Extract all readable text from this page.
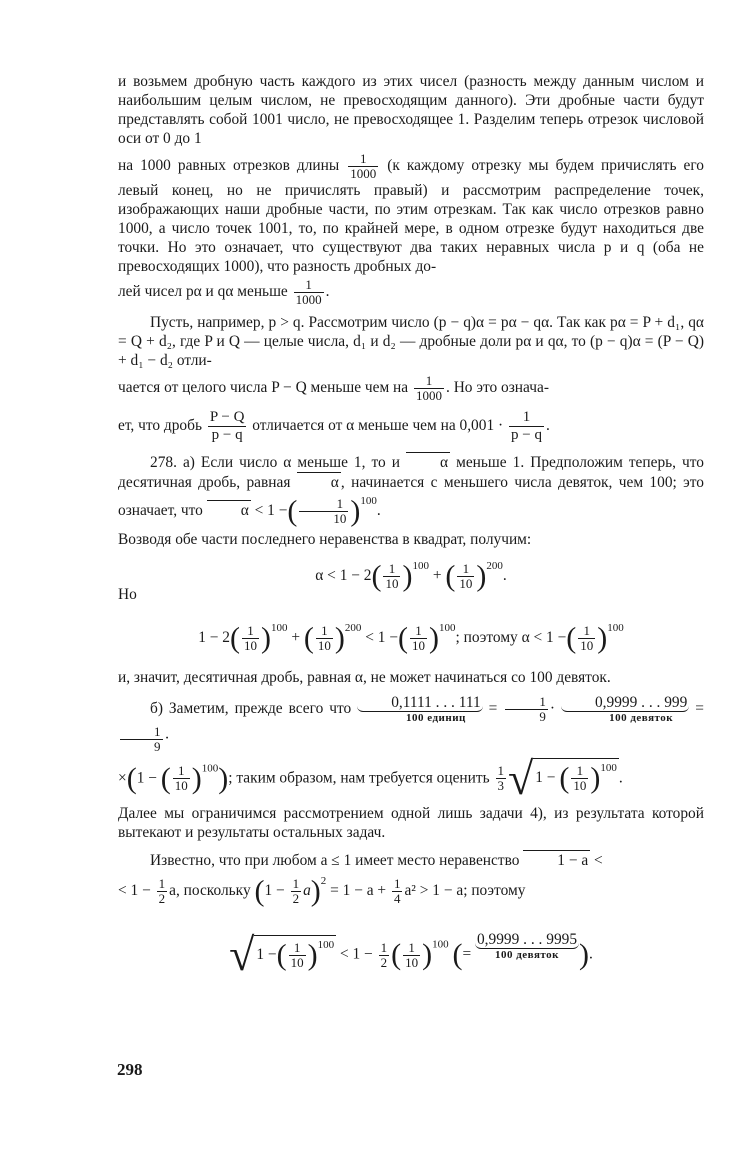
и возьмем дробную часть каждого из этих чисел (разность между данным числом и наибольшим целым числом, не превосходящим данного). Эти дробные части будут представлять собой 1001 число, не превосходящее 1. Разделим теперь отрезок числовой оси от 0 до 1

на 1000 равных отрезков длины $\frac{1}{1000} (к$ каждому отрезку мы будем причислять его левый конец, но не причислять правый) и рассмотрим распределение точек, изображающих наши дробные части, по этим отрезкам. Так как число отрезков равно 1000, а число точек 1001, то, по крайней мере, в одном отрезке будут находиться две точки. Но это означает, что существуют два таких неравных числа p и q (оба не превосходящих 1000), что разность дробных до-

лей чисел pα и qα меньше $\frac{1}{1000}$ .

Пусть, например, p > q. Рассмотрим число (p − q)α = pα − qα. Так как pα = P + d₁, qα = Q + d₂, где P и Q — целые числа, d₁ и d₂ — дробные доли pα и qα, то (p − q)α = (P − Q) + d₁ − d₂ отли-

чается от целого числа P − Q меньше чем на $\frac{1}{1000}$ . Но это означа-

ет, что дробь $\frac{P - Q}{p - q}$ отличается от α меньше чем на $0,001 \cdot \frac{1}{p - q}$ .

278. а) Если число α меньше 1, то и	α меньше 1. Предположим теперь, что десятичная дробь, равная	α , начинается с меньшего числа девяток, чем 100; это означает, что α < 1 −( $\frac{1}{10} )^{100}$.

Возводя обе части последнего неравенства в квадрат, получим:

$\alpha < 1 - 2( \frac{1}{10} )^{100}$ + ( $\frac{1}{10} )^{200}$.
Но
$1 - 2( \frac{1}{10} )^{100}$ + ( $\frac{1}{10} )^{200} < 1$ −( $\frac{1}{10} )^{100}$; поэтому α < 1 −( $\frac{1}{10} )^{100}$

и, значит, десятичная дробь, равная α, не может начинаться со 100 девяток.

б) Заметим, прежде всего что	0,1111 . . . 111
100 единиц
= $\frac{1}{9}$ ·	0,9999 . . . 999
100 девяток
=
$\frac{1}{9}$ ·

×(1 − ( $\frac{1}{10} )^{100}$); таким образом, нам требуется оценить $\frac{1}{3}$ √ 1 − ( $\frac{1}{10} )^{100}$.

Далее мы ограничимся рассмотрением одной лишь задачи 4), из результата которой вытекают и результаты остальных задач.

Известно, что при любом a ≤ 1 имеет место неравенство 1 − a <

< $1 - \frac{1}{2} a$, поскольку $(1 - \frac{1}{2} a)^2 = 1 - a + \frac{1}{4} a^2 > 1 - a$; поэтому

√ 1 −( $\frac{1}{10} )^{100} < 1 - \frac{1}{2}$ ( $\frac{1}{10} )^{100}$ (=
0,9999 . . . 9995
100 девяток ).
298
